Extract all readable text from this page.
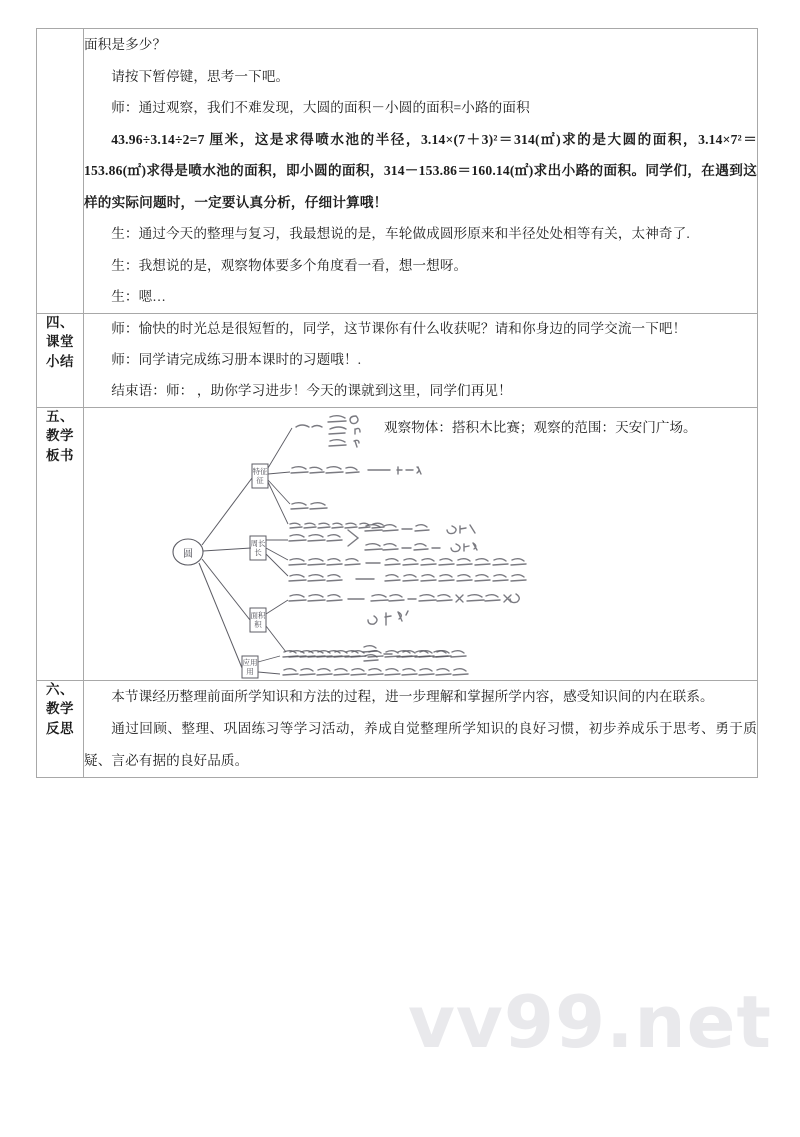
vv99.net

面积是多少？

请按下暂停键，思考一下吧。

师：通过观察，我们不难发现，大圆的面积－小圆的面积=小路的面积

43.96÷3.14÷2=7 厘米，这是求得喷水池的半径，3.14×(7＋3)²＝314(㎡)求的是大圆的面积，3.14×7²＝153.86(㎡)求得是喷水池的面积，即小圆的面积，314－153.86＝160.14(㎡)求出小路的面积。同学们，在遇到这样的实际问题时，一定要认真分析，仔细计算哦！

生：通过今天的整理与复习，我最想说的是，车轮做成圆形原来和半径处处相等有关，太神奇了.

生：我想说的是，观察物体要多个角度看一看，想一想呀。

生：嗯…

四、
课堂
小结

师：愉快的时光总是很短暂的，同学，这节课你有什么收获呢？请和你身边的同学交流一下吧！

师：同学请完成练习册本课时的习题哦！.

结束语：师： ，助你学习进步！今天的课就到这里，同学们再见！

五、
教学
板书

观察物体：搭积木比赛；观察的范围：天安门广场。
圆
特征
征
周长
长
面积
积
应用
用

六、
教学
反思

本节课经历整理前面所学知识和方法的过程，进一步理解和掌握所学内容，感受知识间的内在联系。

通过回顾、整理、巩固练习等学习活动，养成自觉整理所学知识的良好习惯，初步养成乐于思考、勇于质疑、言必有据的良好品质。
